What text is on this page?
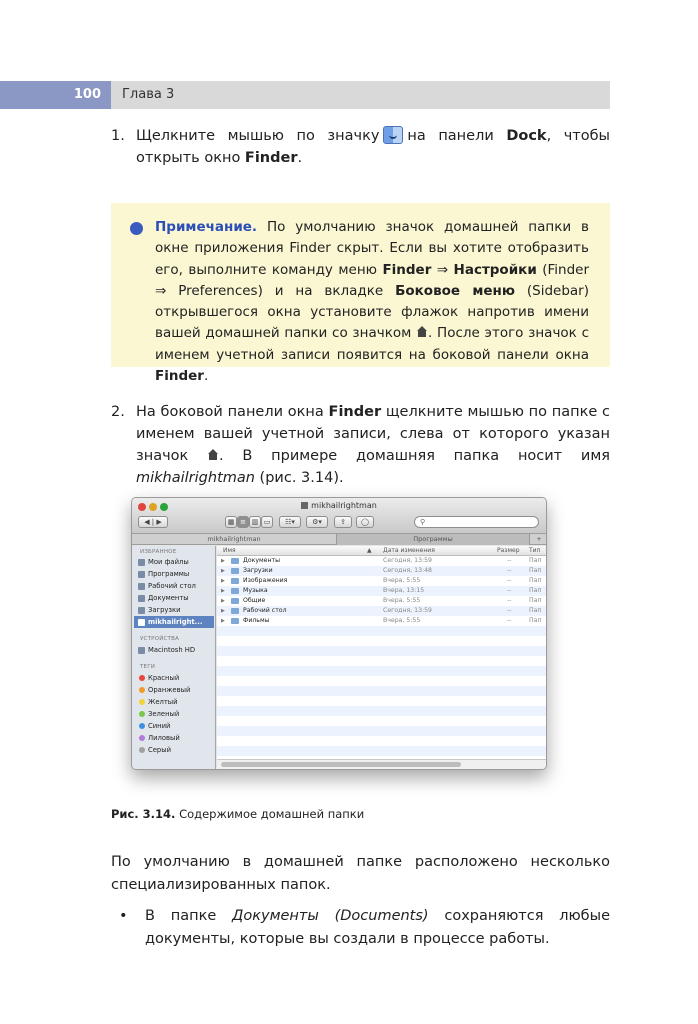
100	Глава 3
1. Щелкните мышью по значку на панели Dock, чтобы открыть окно Finder.
Примечание. По умолчанию значок домашней папки в окне приложения Finder скрыт. Если вы хотите отобразить его, выполните команду меню Finder ⇒ Настройки (Finder ⇒ Preferences) и на вкладке Боковое меню (Sidebar) открывшегося окна установите флажок напротив имени вашей домашней папки со значком . После этого значок с именем учетной записи появится на боковой панели окна Finder.
2. На боковой панели окна Finder щелкните мышью по папке с именем вашей учетной записи, слева от которого указан значок . В примере домашняя папка носит имя mikhailrightman (рис. 3.14).
mikhailrightman
◀ | ▶	▦ ≡ ▥ ▭	☷▾	⚙▾	⇪	◯	⚲
mikhailrightman	Программы	+
ИЗБРАННОЕ
Мои файлы
Программы
Рабочий стол
Документы
Загрузки
mikhailright...
УСТРОЙСТВА
Macintosh HD
ТЕГИ
Красный
Оранжевый
Желтый
Зеленый
Синий
Лиловый
Серый
Имя	▲ Дата изменения	Размер Тип
▶	Документы	Сегодня, 13:59	--	Пап
▶	Загрузки	Сегодня, 13:48	--	Пап
▶	Изображения	Вчера, 5:55	--	Пап
▶	Музыка	Вчера, 13:15	--	Пап
▶	Общие	Вчера, 5:55	--	Пап
▶	Рабочий стол	Сегодня, 13:59	--	Пап
▶	Фильмы	Вчера, 5:55	--	Пап
Рис. 3.14. Содержимое домашней папки
По умолчанию в домашней папке расположено несколько специализированных папок.
• В папке Документы (Documents) сохраняются любые документы, которые вы создали в процессе работы.
